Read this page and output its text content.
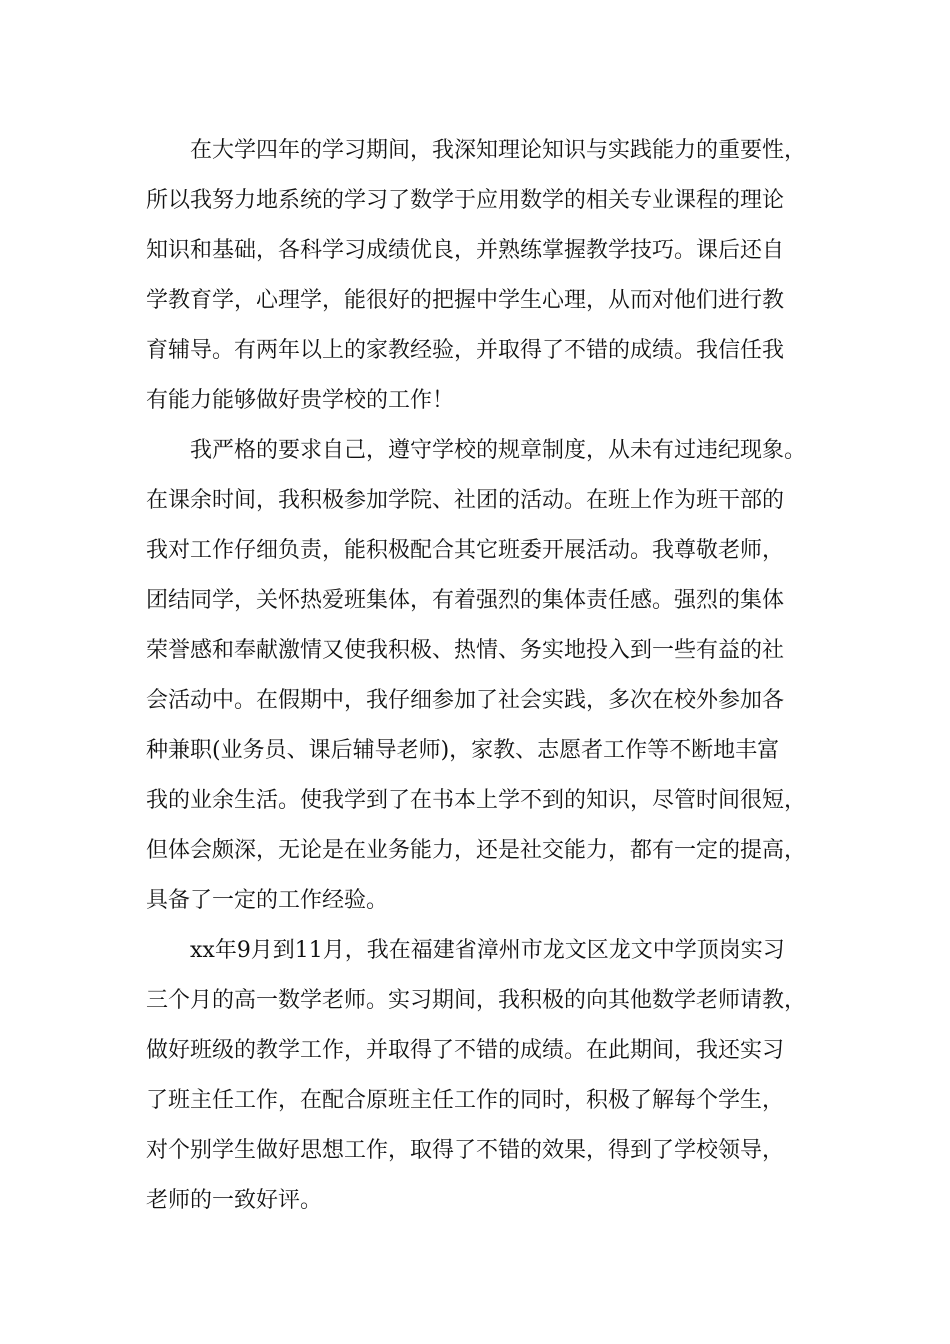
在大学四年的学习期间，我深知理论知识与实践能力的重要性，
所以我努力地系统的学习了数学于应用数学的相关专业课程的理论
知识和基础，各科学习成绩优良，并熟练掌握教学技巧。课后还自
学教育学，心理学，能很好的把握中学生心理，从而对他们进行教
育辅导。有两年以上的家教经验，并取得了不错的成绩。我信任我
有能力能够做好贵学校的工作！
我严格的要求自己，遵守学校的规章制度，从未有过违纪现象。
在课余时间，我积极参加学院、社团的活动。在班上作为班干部的
我对工作仔细负责，能积极配合其它班委开展活动。我尊敬老师，
团结同学，关怀热爱班集体，有着强烈的集体责任感。强烈的集体
荣誉感和奉献激情又使我积极、热情、务实地投入到一些有益的社
会活动中。在假期中，我仔细参加了社会实践，多次在校外参加各
种兼职(业务员、课后辅导老师)，家教、志愿者工作等不断地丰富
我的业余生活。使我学到了在书本上学不到的知识，尽管时间很短，
但体会颇深，无论是在业务能力，还是社交能力，都有一定的提高，
具备了一定的工作经验。
xx年9月到11月，我在福建省漳州市龙文区龙文中学顶岗实习
三个月的高一数学老师。实习期间，我积极的向其他数学老师请教，
做好班级的教学工作，并取得了不错的成绩。在此期间，我还实习
了班主任工作，在配合原班主任工作的同时，积极了解每个学生，
对个别学生做好思想工作，取得了不错的效果，得到了学校领导，
老师的一致好评。
